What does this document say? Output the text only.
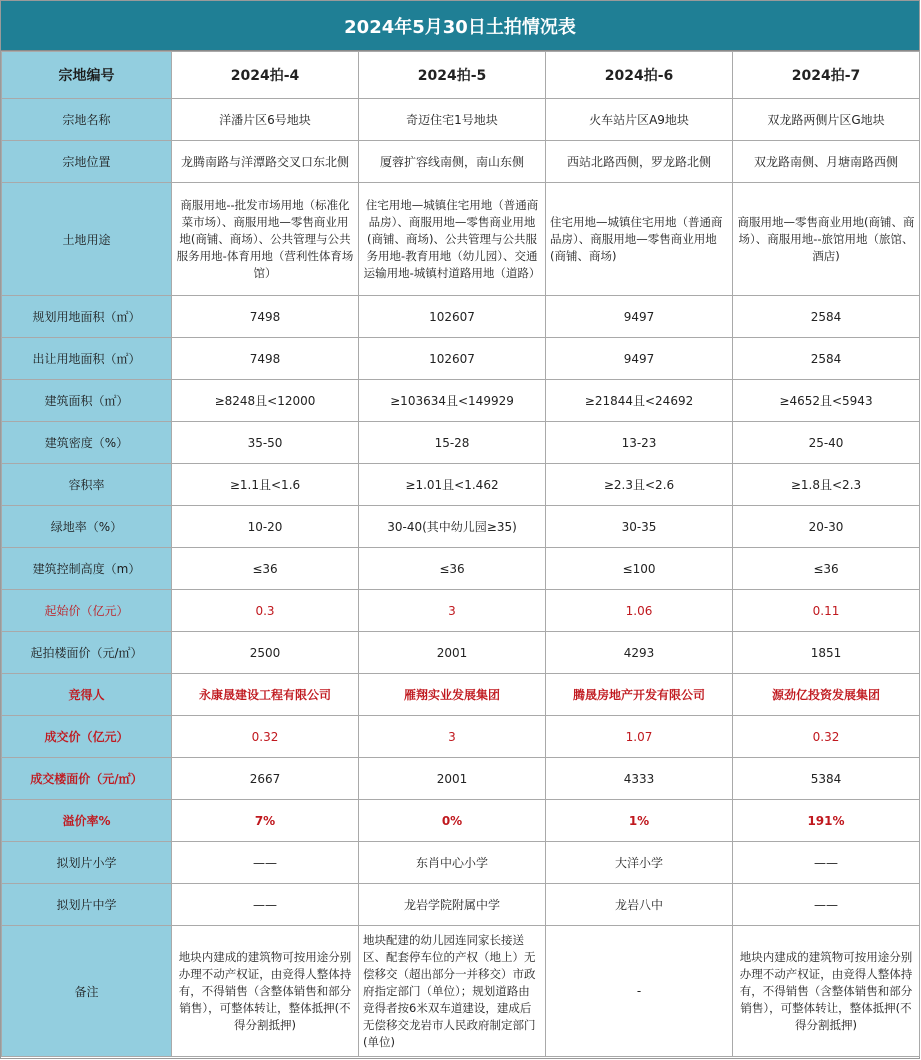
2024年5月30日土拍情况表
宗地编号	2024拍-4	2024拍-5	2024拍-6	2024拍-7
宗地名称	洋潘片区6号地块	奇迈住宅1号地块	火车站片区A9地块	双龙路两侧片区G地块
宗地位置	龙腾南路与洋潭路交叉口东北侧	厦蓉扩容线南侧，南山东侧	西站北路西侧，罗龙路北侧	双龙路南侧、月塘南路西侧
土地用途	商服用地--批发市场用地（标准化菜市场）、商服用地—零售商业用地(商铺、商场）、公共管理与公共服务用地-体育用地（营利性体育场馆）	住宅用地—城镇住宅用地（普通商品房）、商服用地—零售商业用地(商铺、商场)、公共管理与公共服务用地-教育用地（幼儿园）、交通运输用地-城镇村道路用地（道路）	住宅用地—城镇住宅用地（普通商品房）、商服用地—零售商业用地(商铺、商场)	商服用地—零售商业用地(商铺、商场）、商服用地--旅馆用地（旅馆、酒店)
规划用地面积（㎡）	7498	102607	9497	2584
出让用地面积（㎡）	7498	102607	9497	2584
建筑面积（㎡）	≥8248且<12000	≥103634且<149929	≥21844且<24692	≥4652且<5943
建筑密度（%）	35-50	15-28	13-23	25-40
容积率	≥1.1且<1.6	≥1.01且<1.462	≥2.3且<2.6	≥1.8且<2.3
绿地率（%）	10-20	30-40(其中幼儿园≥35)	30-35	20-30
建筑控制高度（m）	≤36	≤36	≤100	≤36
起始价（亿元）	0.3	3	1.06	0.11
起拍楼面价（元/㎡）	2500	2001	4293	1851
竞得人	永康晟建设工程有限公司	雁翔实业发展集团	腾晟房地产开发有限公司	源劲亿投资发展集团
成交价（亿元）	0.32	3	1.07	0.32
成交楼面价（元/㎡）	2667	2001	4333	5384
溢价率%	7%	0%	1%	191%
拟划片小学	——	东肖中心小学	大洋小学	——
拟划片中学	——	龙岩学院附属中学	龙岩八中	——
备注	地块内建成的建筑物可按用途分别办理不动产权证，由竞得人整体持有，不得销售（含整体销售和部分销售），可整体转让，整体抵押(不得分割抵押)	地块配建的幼儿园连同家长接送区、配套停车位的产权（地上）无偿移交（超出部分一并移交）市政府指定部门（单位）；规划道路由竞得者按6米双车道建设，建成后无偿移交龙岩市人民政府制定部门(单位)	-	地块内建成的建筑物可按用途分别办理不动产权证，由竞得人整体持有，不得销售（含整体销售和部分销售），可整体转让，整体抵押(不得分割抵押)
